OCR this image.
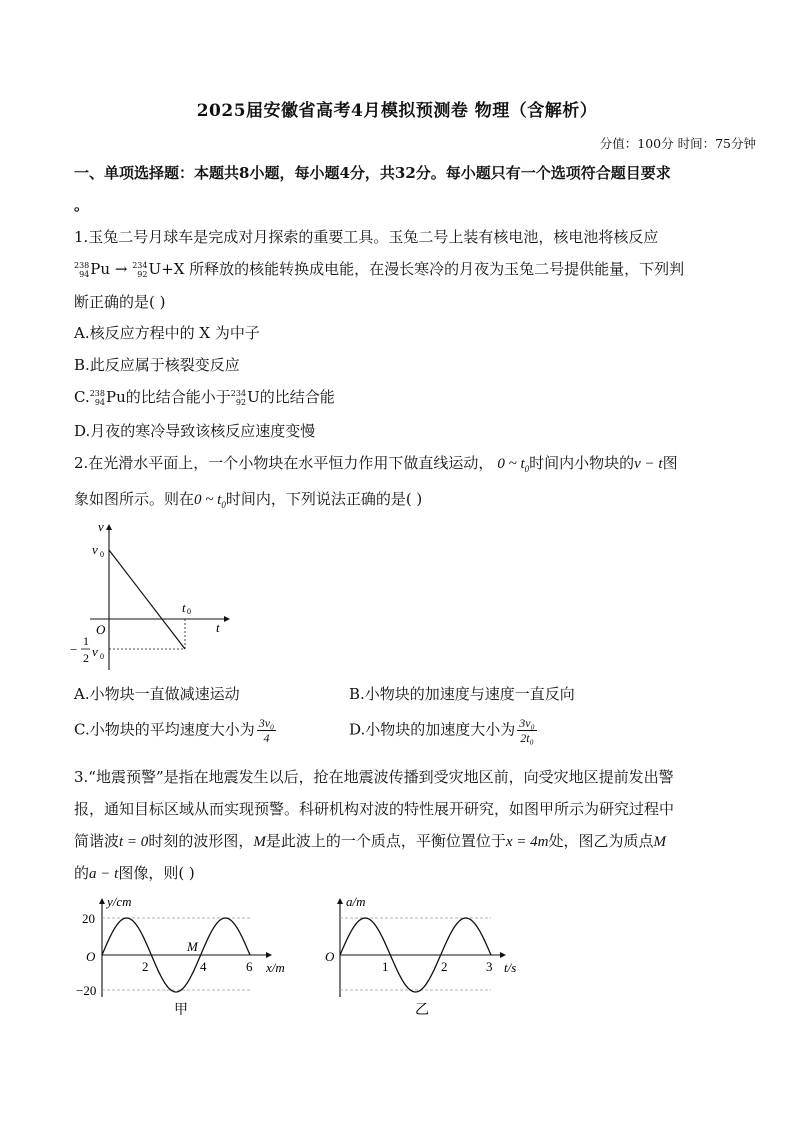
2025届安徽省高考4月模拟预测卷 物理（含解析）
分值：100分 时间：75分钟
一、单项选择题：本题共8小题，每小题4分，共32分。每小题只有一个选项符合题目要求
。
1.玉兔二号月球车是完成对月探索的重要工具。玉兔二号上装有核电池，核电池将核反应
238
94 Pu → 234
92 U+X 所释放的核能转换成电能，在漫长寒冷的月夜为玉兔二号提供能量，下列判
断正确的是( )
A.核反应方程中的 X 为中子
B.此反应属于核裂变反应
C. 238
94 Pu的比结合能小于 234
92 U的比结合能
D.月夜的寒冷导致该核反应速度变慢
2.在光滑水平面上，一个小物块在水平恒力作用下做直线运动， 0 ~ $t_0$时间内小物块的v − t图
象如图所示。则在0 ~ $t_0$时间内，下列说法正确的是( )
v
t
O
v 0
t 0
−
1
2 v 0
A.小物块一直做减速运动	B.小物块的加速度与速度一直反向
C.小物块的平均速度大小为 $\frac{\text{3v₀}}{4}$	D.小物块的加速度大小为 $\frac{\text{3v₀}}{\text{2t₀}}$
3.“地震预警”是指在地震发生以后，抢在地震波传播到受灾地区前，向受灾地区提前发出警
报，通知目标区域从而实现预警。科研机构对波的特性展开研究，如图甲所示为研究过程中
简谐波t = 0时刻的波形图，M是此波上的一个质点，平衡位置位于x = 4m处，图乙为质点M
的a − t图像，则( )
y/cm
x/m
O
20
−20
2	4	6
M
甲
a/m
t/s
O
1	2	3
乙
